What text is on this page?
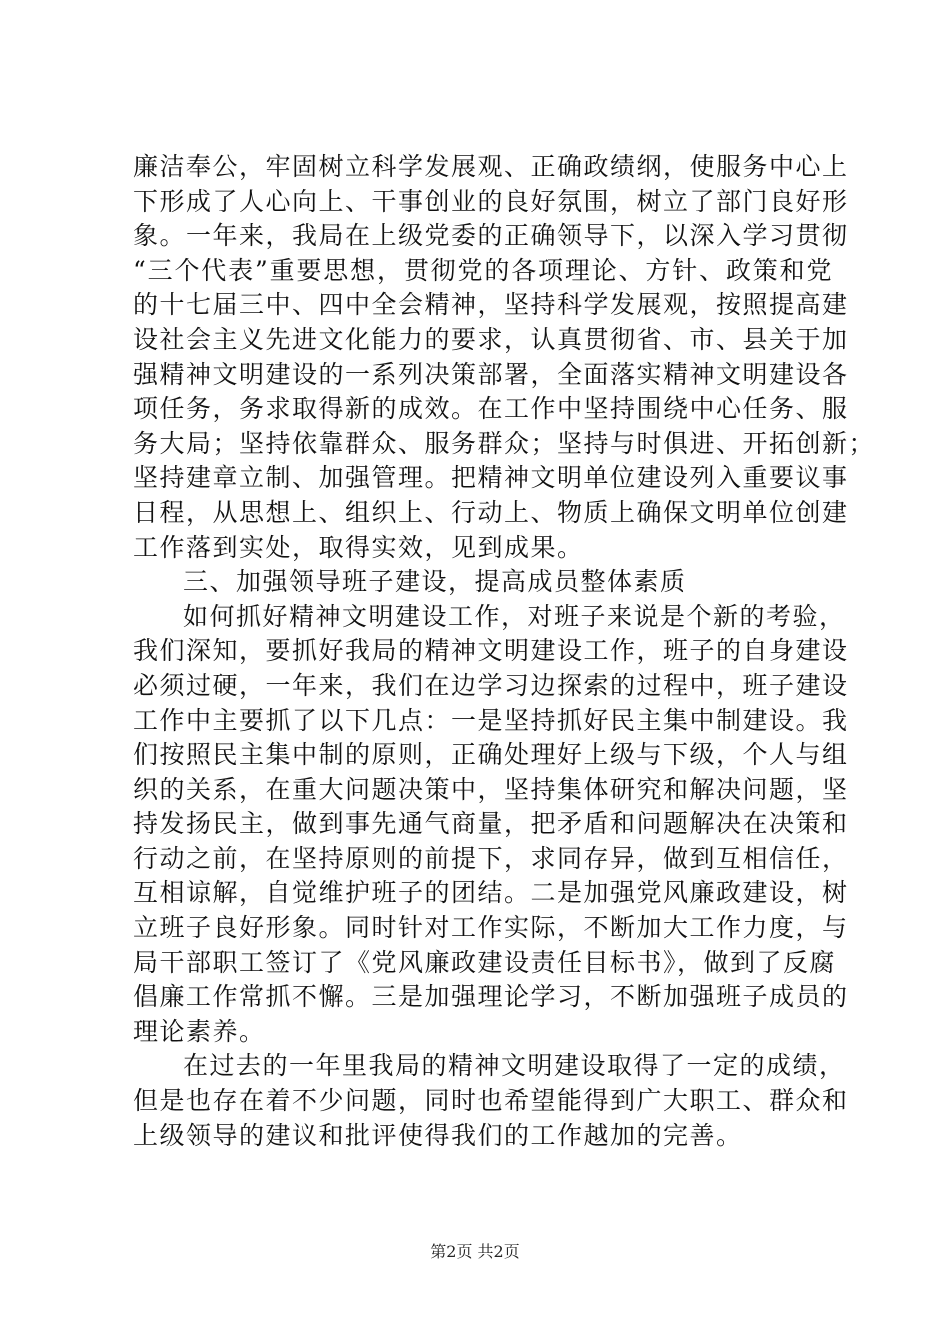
廉洁奉公，牢固树立科学发展观、正确政绩纲，使服务中心上
下形成了人心向上、干事创业的良好氛围，树立了部门良好形
象。一年来，我局在上级党委的正确领导下，以深入学习贯彻
“三个代表”重要思想，贯彻党的各项理论、方针、政策和党
的十七届三中、四中全会精神，坚持科学发展观，按照提高建
设社会主义先进文化能力的要求，认真贯彻省、市、县关于加
强精神文明建设的一系列决策部署，全面落实精神文明建设各
项任务，务求取得新的成效。在工作中坚持围绕中心任务、服
务大局；坚持依靠群众、服务群众；坚持与时俱进、开拓创新；
坚持建章立制、加强管理。把精神文明单位建设列入重要议事
日程，从思想上、组织上、行动上、物质上确保文明单位创建
工作落到实处，取得实效，见到成果。
三、加强领导班子建设，提高成员整体素质
如何抓好精神文明建设工作，对班子来说是个新的考验，
我们深知，要抓好我局的精神文明建设工作，班子的自身建设
必须过硬，一年来，我们在边学习边探索的过程中，班子建设
工作中主要抓了以下几点：一是坚持抓好民主集中制建设。我
们按照民主集中制的原则，正确处理好上级与下级，个人与组
织的关系，在重大问题决策中，坚持集体研究和解决问题，坚
持发扬民主，做到事先通气商量，把矛盾和问题解决在决策和
行动之前，在坚持原则的前提下，求同存异，做到互相信任，
互相谅解，自觉维护班子的团结。二是加强党风廉政建设，树
立班子良好形象。同时针对工作实际，不断加大工作力度，与
局干部职工签订了《党风廉政建设责任目标书》，做到了反腐
倡廉工作常抓不懈。三是加强理论学习，不断加强班子成员的
理论素养。
在过去的一年里我局的精神文明建设取得了一定的成绩，
但是也存在着不少问题，同时也希望能得到广大职工、群众和
上级领导的建议和批评使得我们的工作越加的完善。
第2页 共2页
